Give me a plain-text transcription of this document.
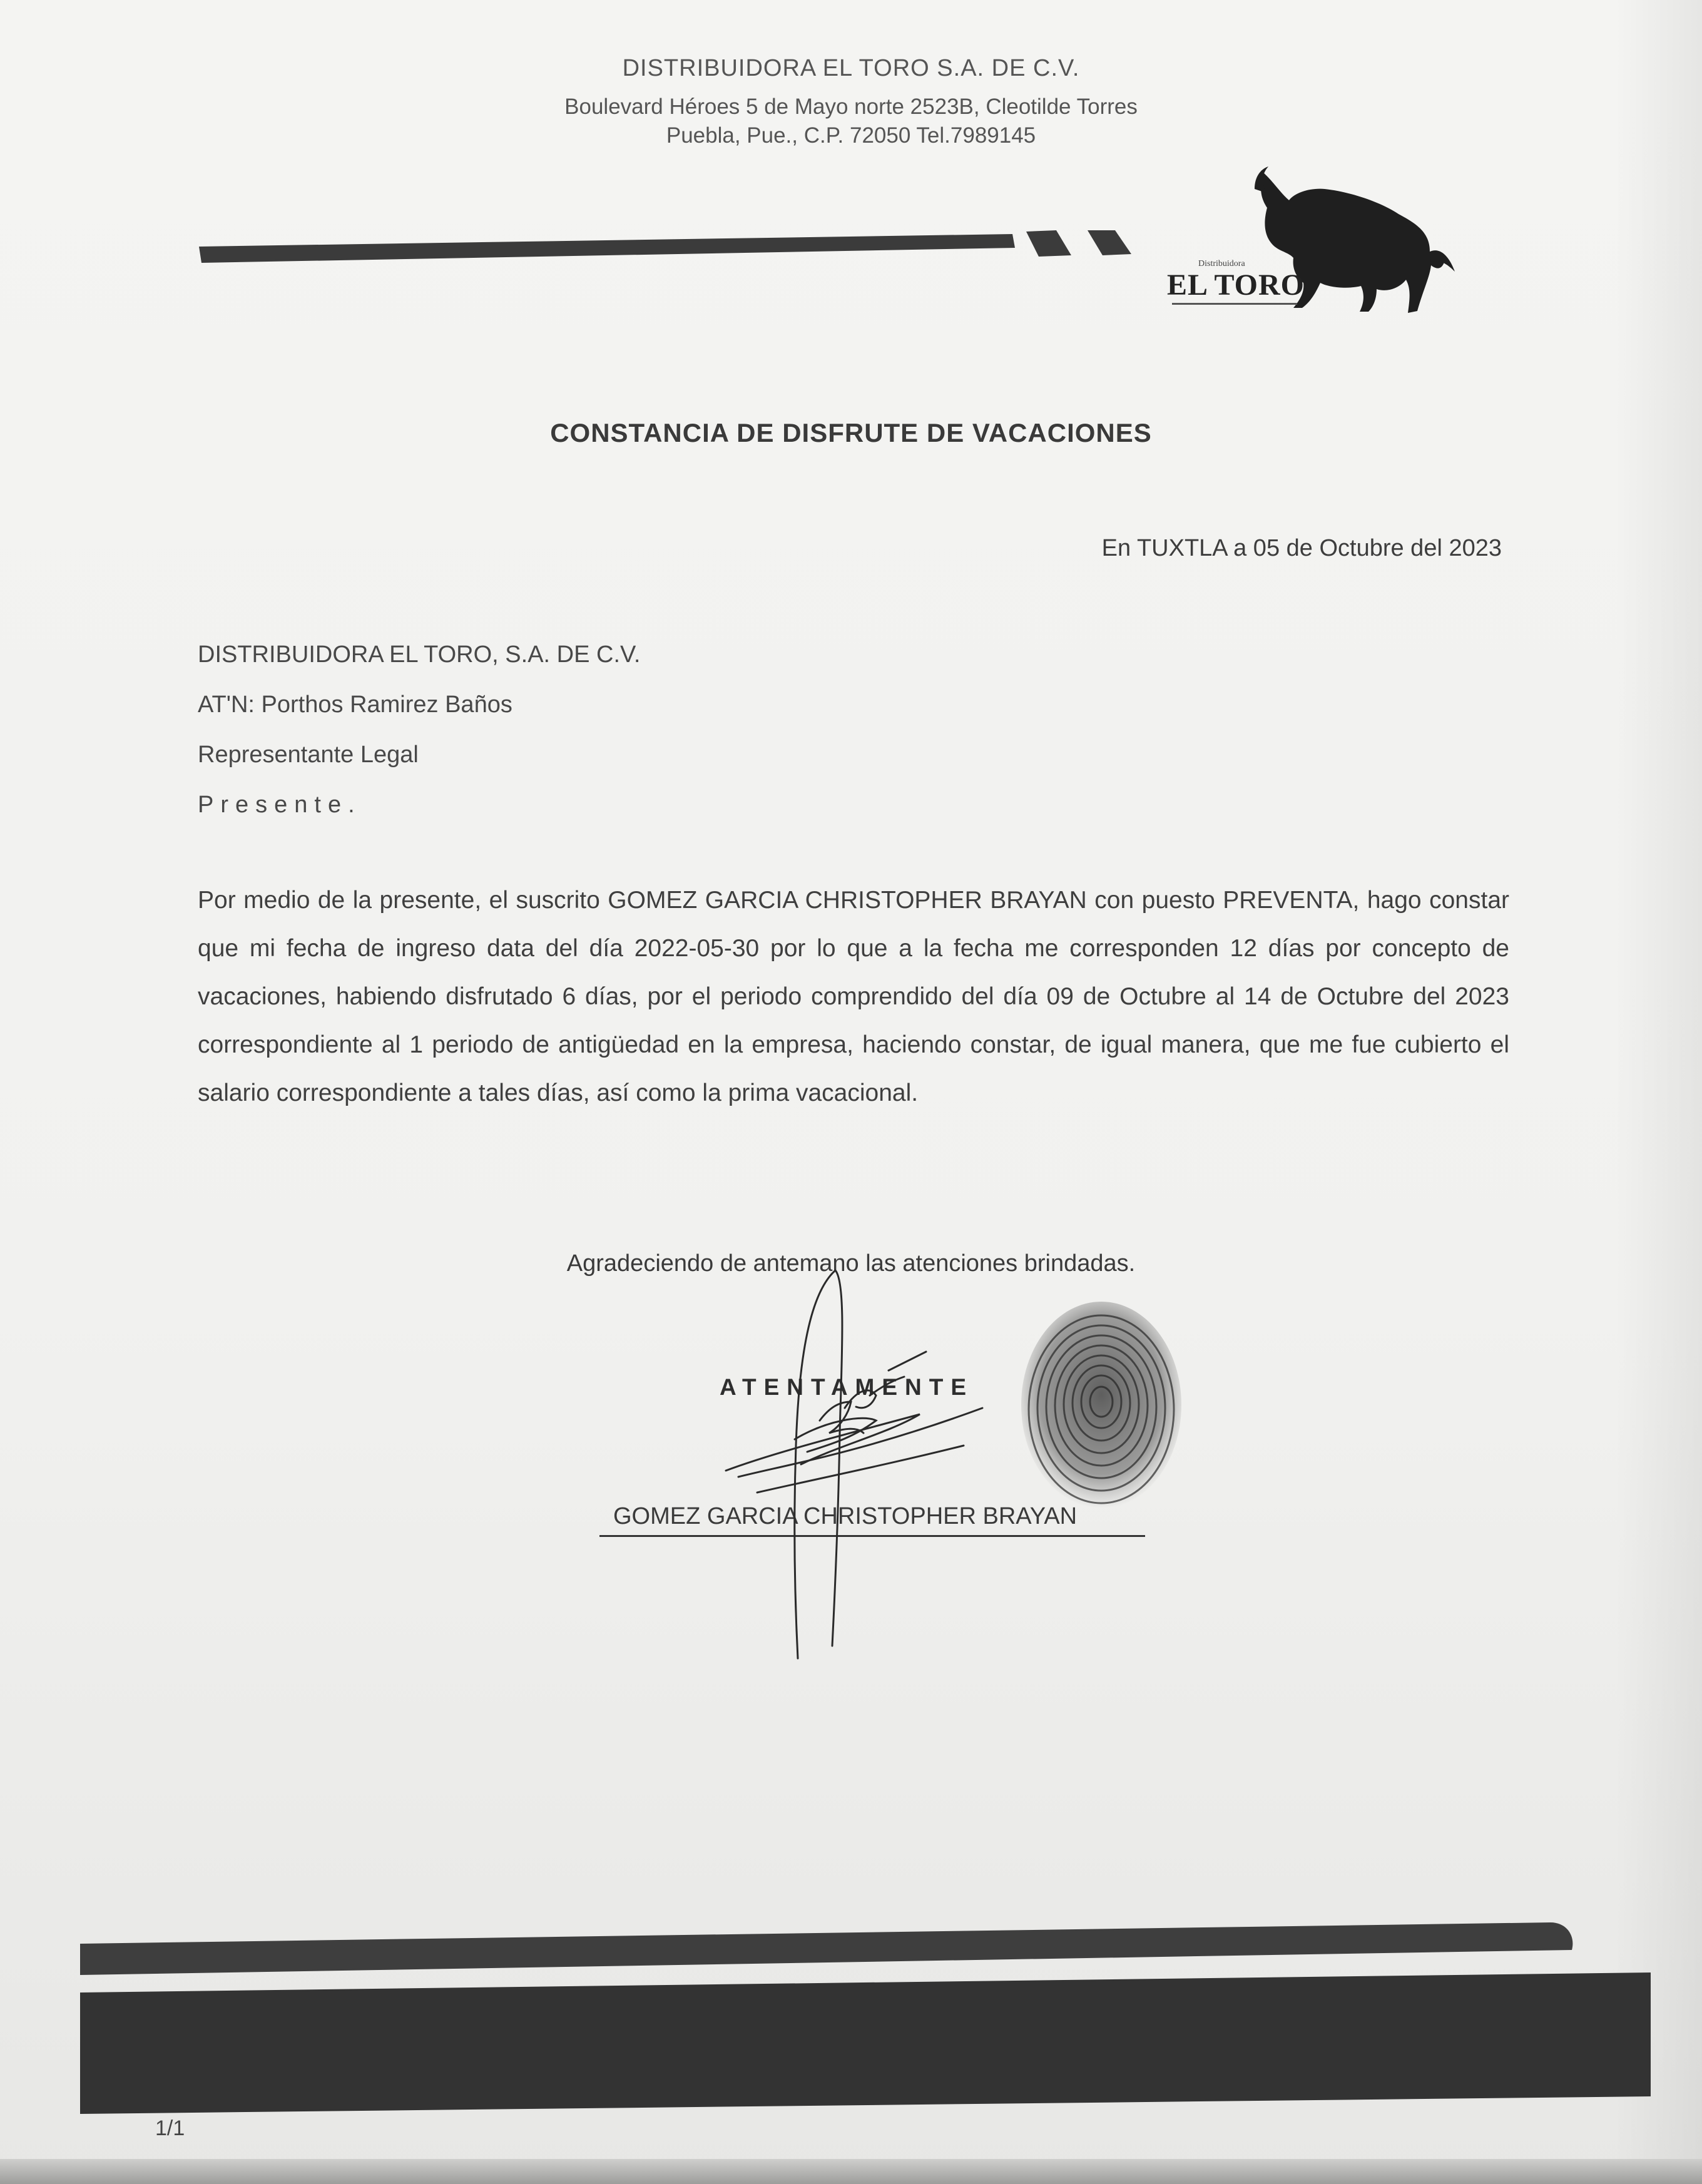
DISTRIBUIDORA EL TORO S.A. DE C.V.
Boulevard Héroes 5 de Mayo norte 2523B, Cleotilde Torres
Puebla, Pue., C.P. 72050 Tel.7989145
Distribuidora
EL TORO
CONSTANCIA DE DISFRUTE DE VACACIONES
En TUXTLA a 05 de Octubre del 2023
DISTRIBUIDORA EL TORO, S.A. DE C.V.
AT'N: Porthos Ramirez Baños
Representante Legal
Presente.
Por medio de la presente, el suscrito GOMEZ GARCIA CHRISTOPHER BRAYAN con puesto PREVENTA, hago constar que mi fecha de ingreso data del día 2022-05-30 por lo que a la fecha me corresponden 12 días por concepto de vacaciones, habiendo disfrutado 6 días, por el periodo comprendido del día 09 de Octubre al 14 de Octubre del 2023 correspondiente al 1 periodo de antigüedad en la empresa, haciendo constar, de igual manera, que me fue cubierto el salario correspondiente a tales días, así como la prima vacacional.
Agradeciendo de antemano las atenciones brindadas.
ATENTAMENTE
GOMEZ GARCIA CHRISTOPHER BRAYAN
1/1
